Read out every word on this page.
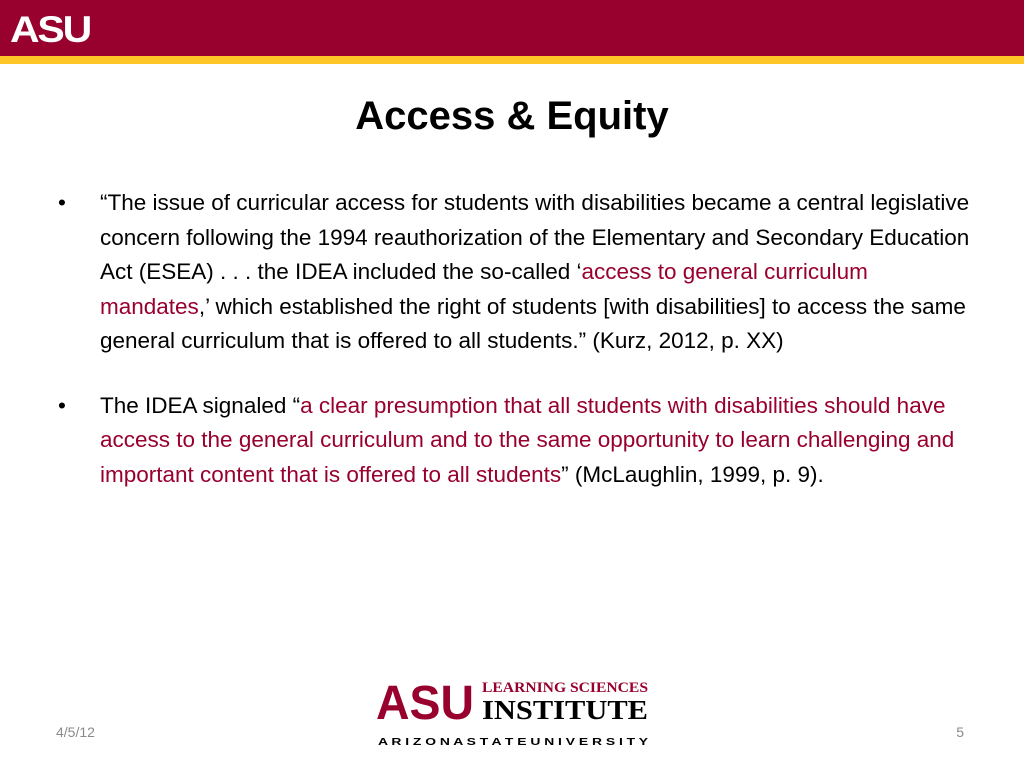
ASU
Access & Equity
•	“The issue of curricular access for students with disabilities became a central legislative concern following the 1994 reauthorization of the Elementary and Secondary Education Act (ESEA) . . . the IDEA included the so-called ‘access to general curriculum mandates,’ which established the right of students [with disabilities] to access the same general curriculum that is offered to all students.” (Kurz, 2012, p. XX)
•	The IDEA signaled “a clear presumption that all students with disabilities should have access to the general curriculum and to the same opportunity to learn challenging and important content that is offered to all students” (McLaughlin, 1999, p. 9).
ASU LEARNING SCIENCES
INSTITUTE
A R I Z O N A S T A T E U N I V E R S I T Y
4/5/12	5
